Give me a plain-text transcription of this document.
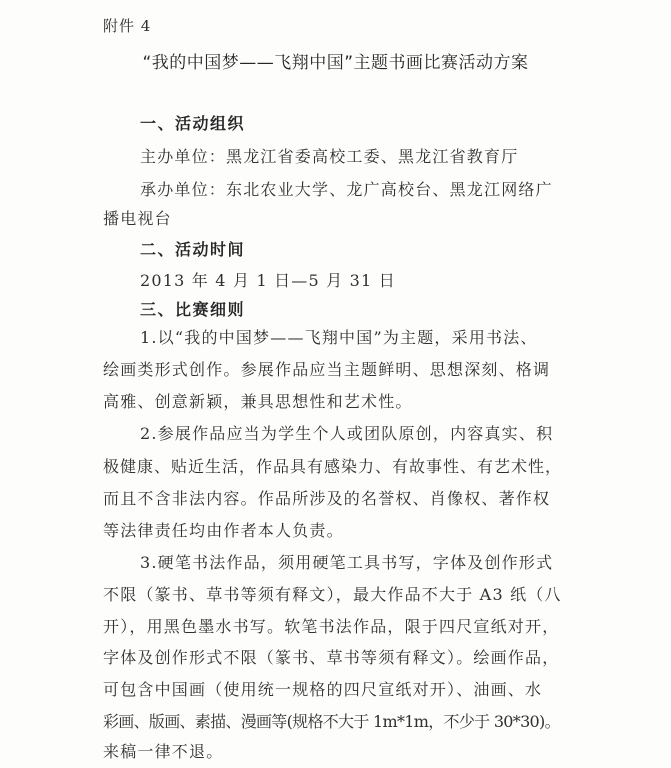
附件 4
“我的中国梦——飞翔中国”主题书画比赛活动方案
一、活动组织
主办单位：黑龙江省委高校工委、黑龙江省教育厅
承办单位：东北农业大学、龙广高校台、黑龙江网络广
播电视台
二、活动时间
2013 年 4 月 1 日—5 月 31 日
三、比赛细则
1.以“我的中国梦——飞翔中国”为主题，采用书法、
绘画类形式创作。参展作品应当主题鲜明、思想深刻、格调
高雅、创意新颖，兼具思想性和艺术性。
2.参展作品应当为学生个人或团队原创，内容真实、积
极健康、贴近生活，作品具有感染力、有故事性、有艺术性，
而且不含非法内容。作品所涉及的名誉权、肖像权、著作权
等法律责任均由作者本人负责。
3.硬笔书法作品，须用硬笔工具书写，字体及创作形式
不限（篆书、草书等须有释文），最大作品不大于 A3 纸（八
开），用黑色墨水书写。软笔书法作品，限于四尺宣纸对开，
字体及创作形式不限（篆书、草书等须有释文）。绘画作品，
可包含中国画（使用统一规格的四尺宣纸对开）、油画、水
彩画、版画、素描、漫画等(规格不大于 1m*1m，不少于 30*30)。
来稿一律不退。
